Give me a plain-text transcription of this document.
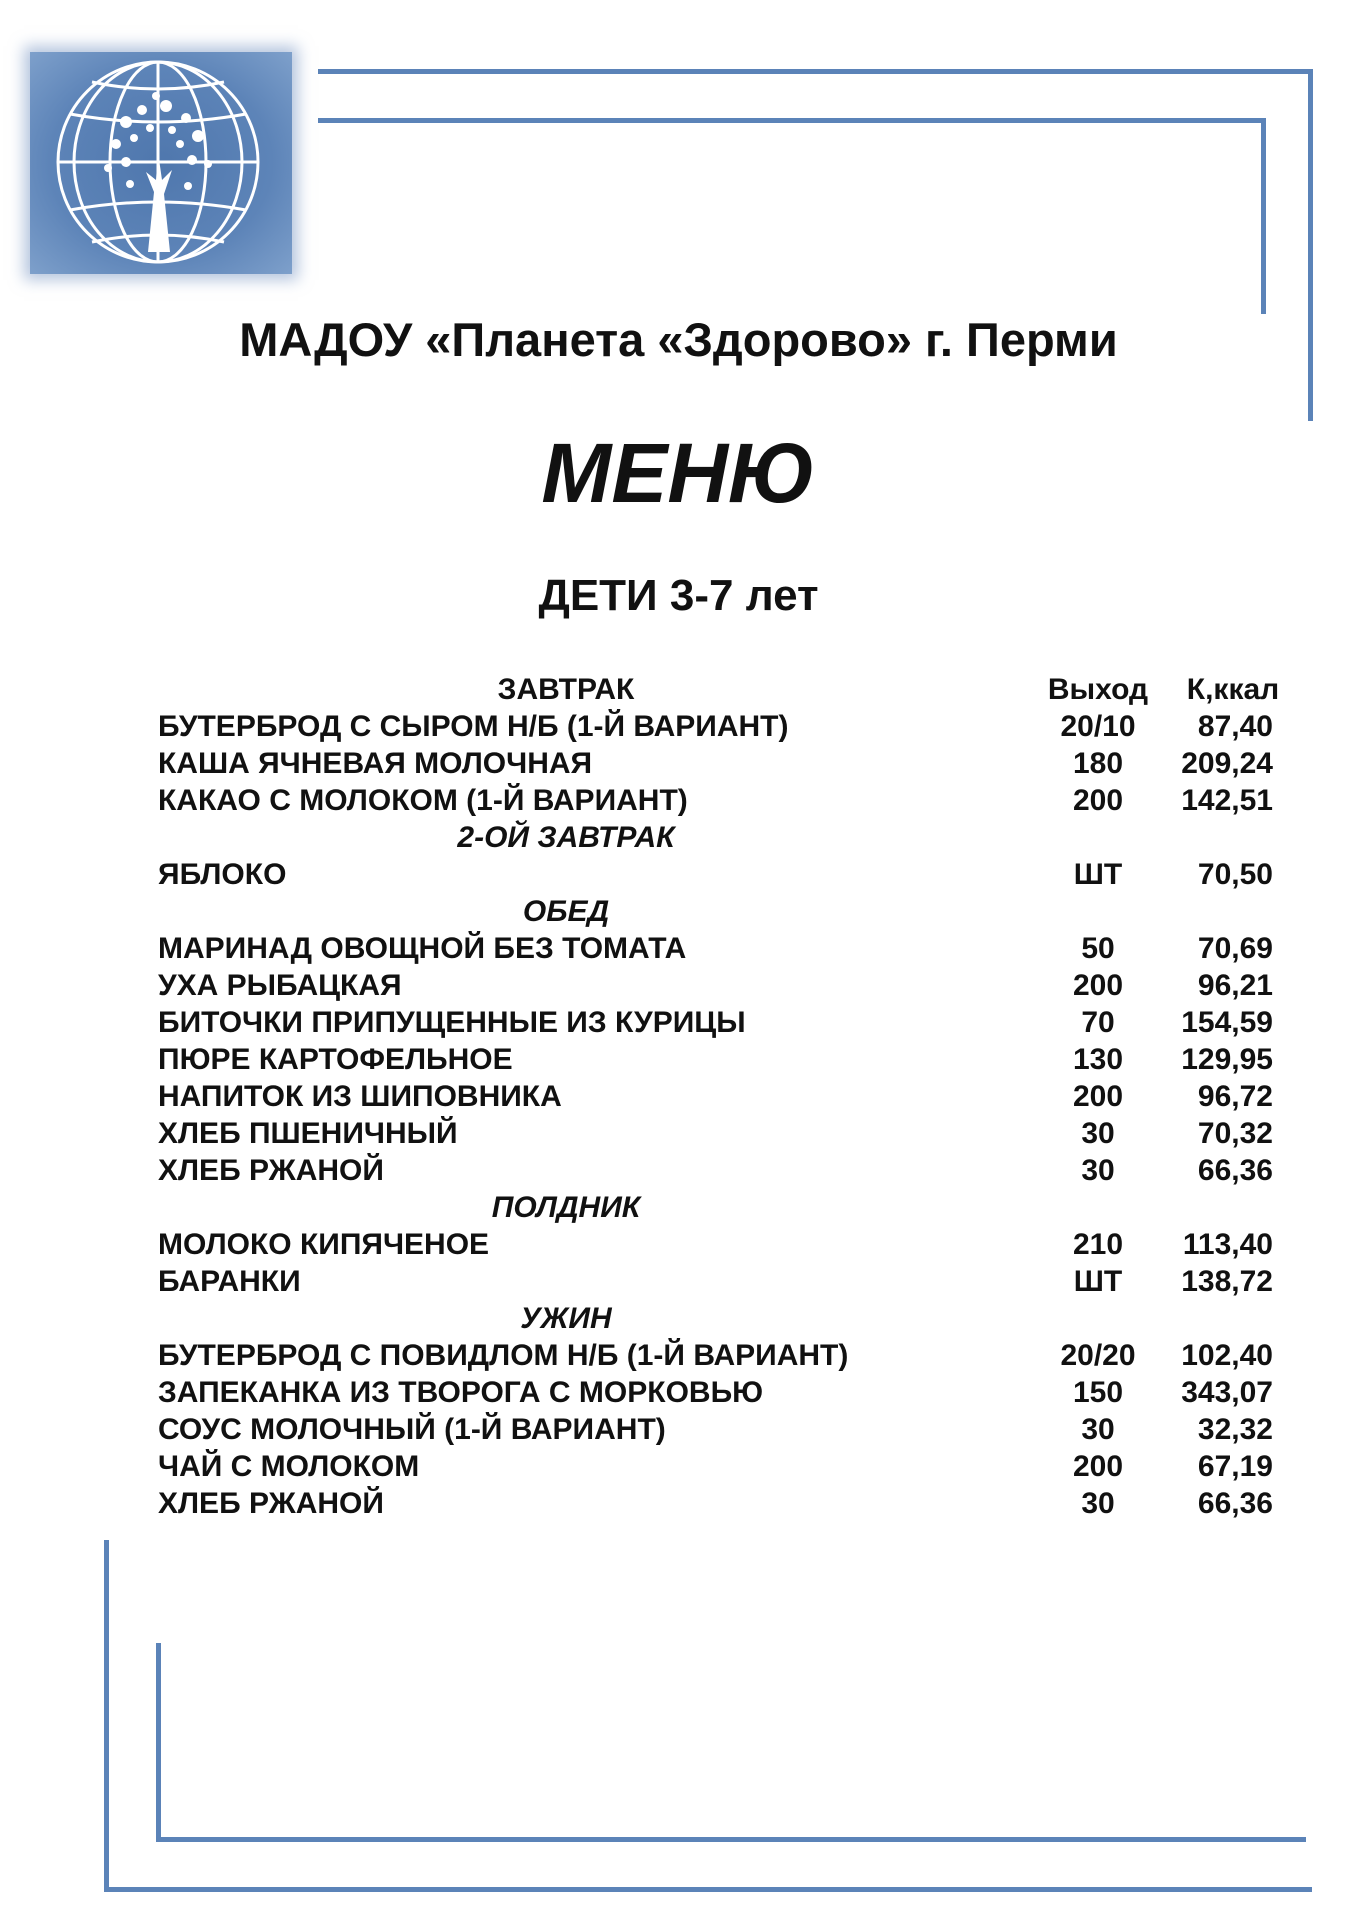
МАДОУ «Планета «Здорово» г. Перми
МЕНЮ
ДЕТИ 3-7 лет
ЗАВТРАК	Выход	К,ккал
БУТЕРБРОД С СЫРОМ Н/Б (1-Й ВАРИАНТ)	20/10	87,40
КАША ЯЧНЕВАЯ МОЛОЧНАЯ	180	209,24
КАКАО С МОЛОКОМ (1-Й ВАРИАНТ)	200	142,51
2-ОЙ ЗАВТРАК
ЯБЛОКО	ШТ	70,50
ОБЕД
МАРИНАД ОВОЩНОЙ БЕЗ ТОМАТА	50	70,69
УХА РЫБАЦКАЯ	200	96,21
БИТОЧКИ ПРИПУЩЕННЫЕ ИЗ КУРИЦЫ	70	154,59
ПЮРЕ КАРТОФЕЛЬНОЕ	130	129,95
НАПИТОК ИЗ ШИПОВНИКА	200	96,72
ХЛЕБ ПШЕНИЧНЫЙ	30	70,32
ХЛЕБ РЖАНОЙ	30	66,36
ПОЛДНИК
МОЛОКО КИПЯЧЕНОЕ	210	113,40
БАРАНКИ	ШТ	138,72
УЖИН
БУТЕРБРОД С ПОВИДЛОМ Н/Б (1-Й ВАРИАНТ)	20/20	102,40
ЗАПЕКАНКА ИЗ ТВОРОГА С МОРКОВЬЮ	150	343,07
СОУС МОЛОЧНЫЙ (1-Й ВАРИАНТ)	30	32,32
ЧАЙ С МОЛОКОМ	200	67,19
ХЛЕБ РЖАНОЙ	30	66,36
